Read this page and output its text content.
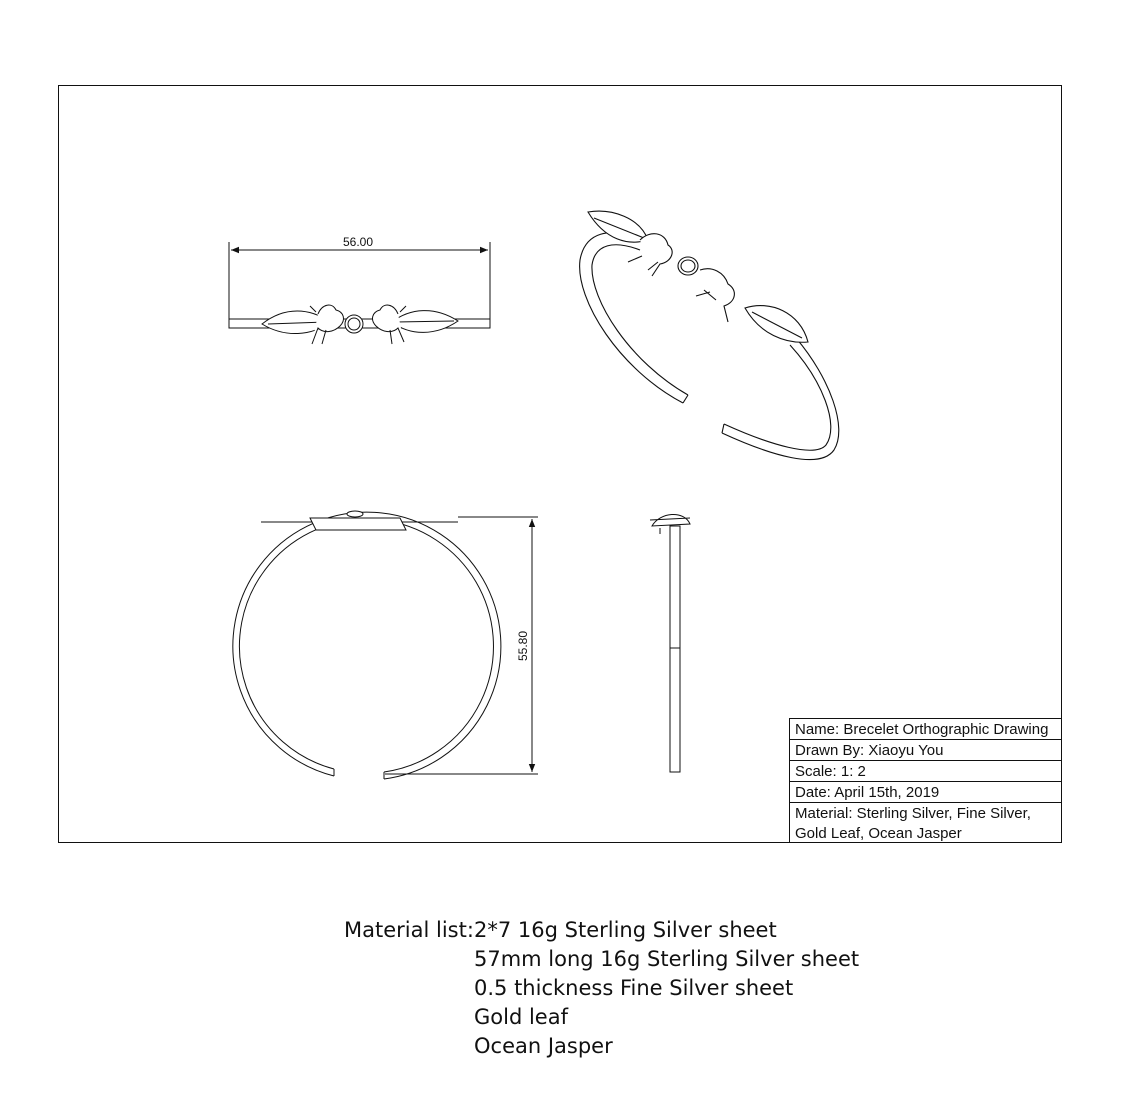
56.00
55.80
Name: Brecelet Orthographic Drawing
Drawn By: Xiaoyu You
Scale: 1: 2
Date: April 15th, 2019
Material: Sterling Silver, Fine Silver,
Gold Leaf, Ocean Jasper
Material list: 2*7 16g Sterling Silver sheet
57mm long 16g Sterling Silver sheet
0.5 thickness Fine Silver sheet
Gold leaf
Ocean Jasper
